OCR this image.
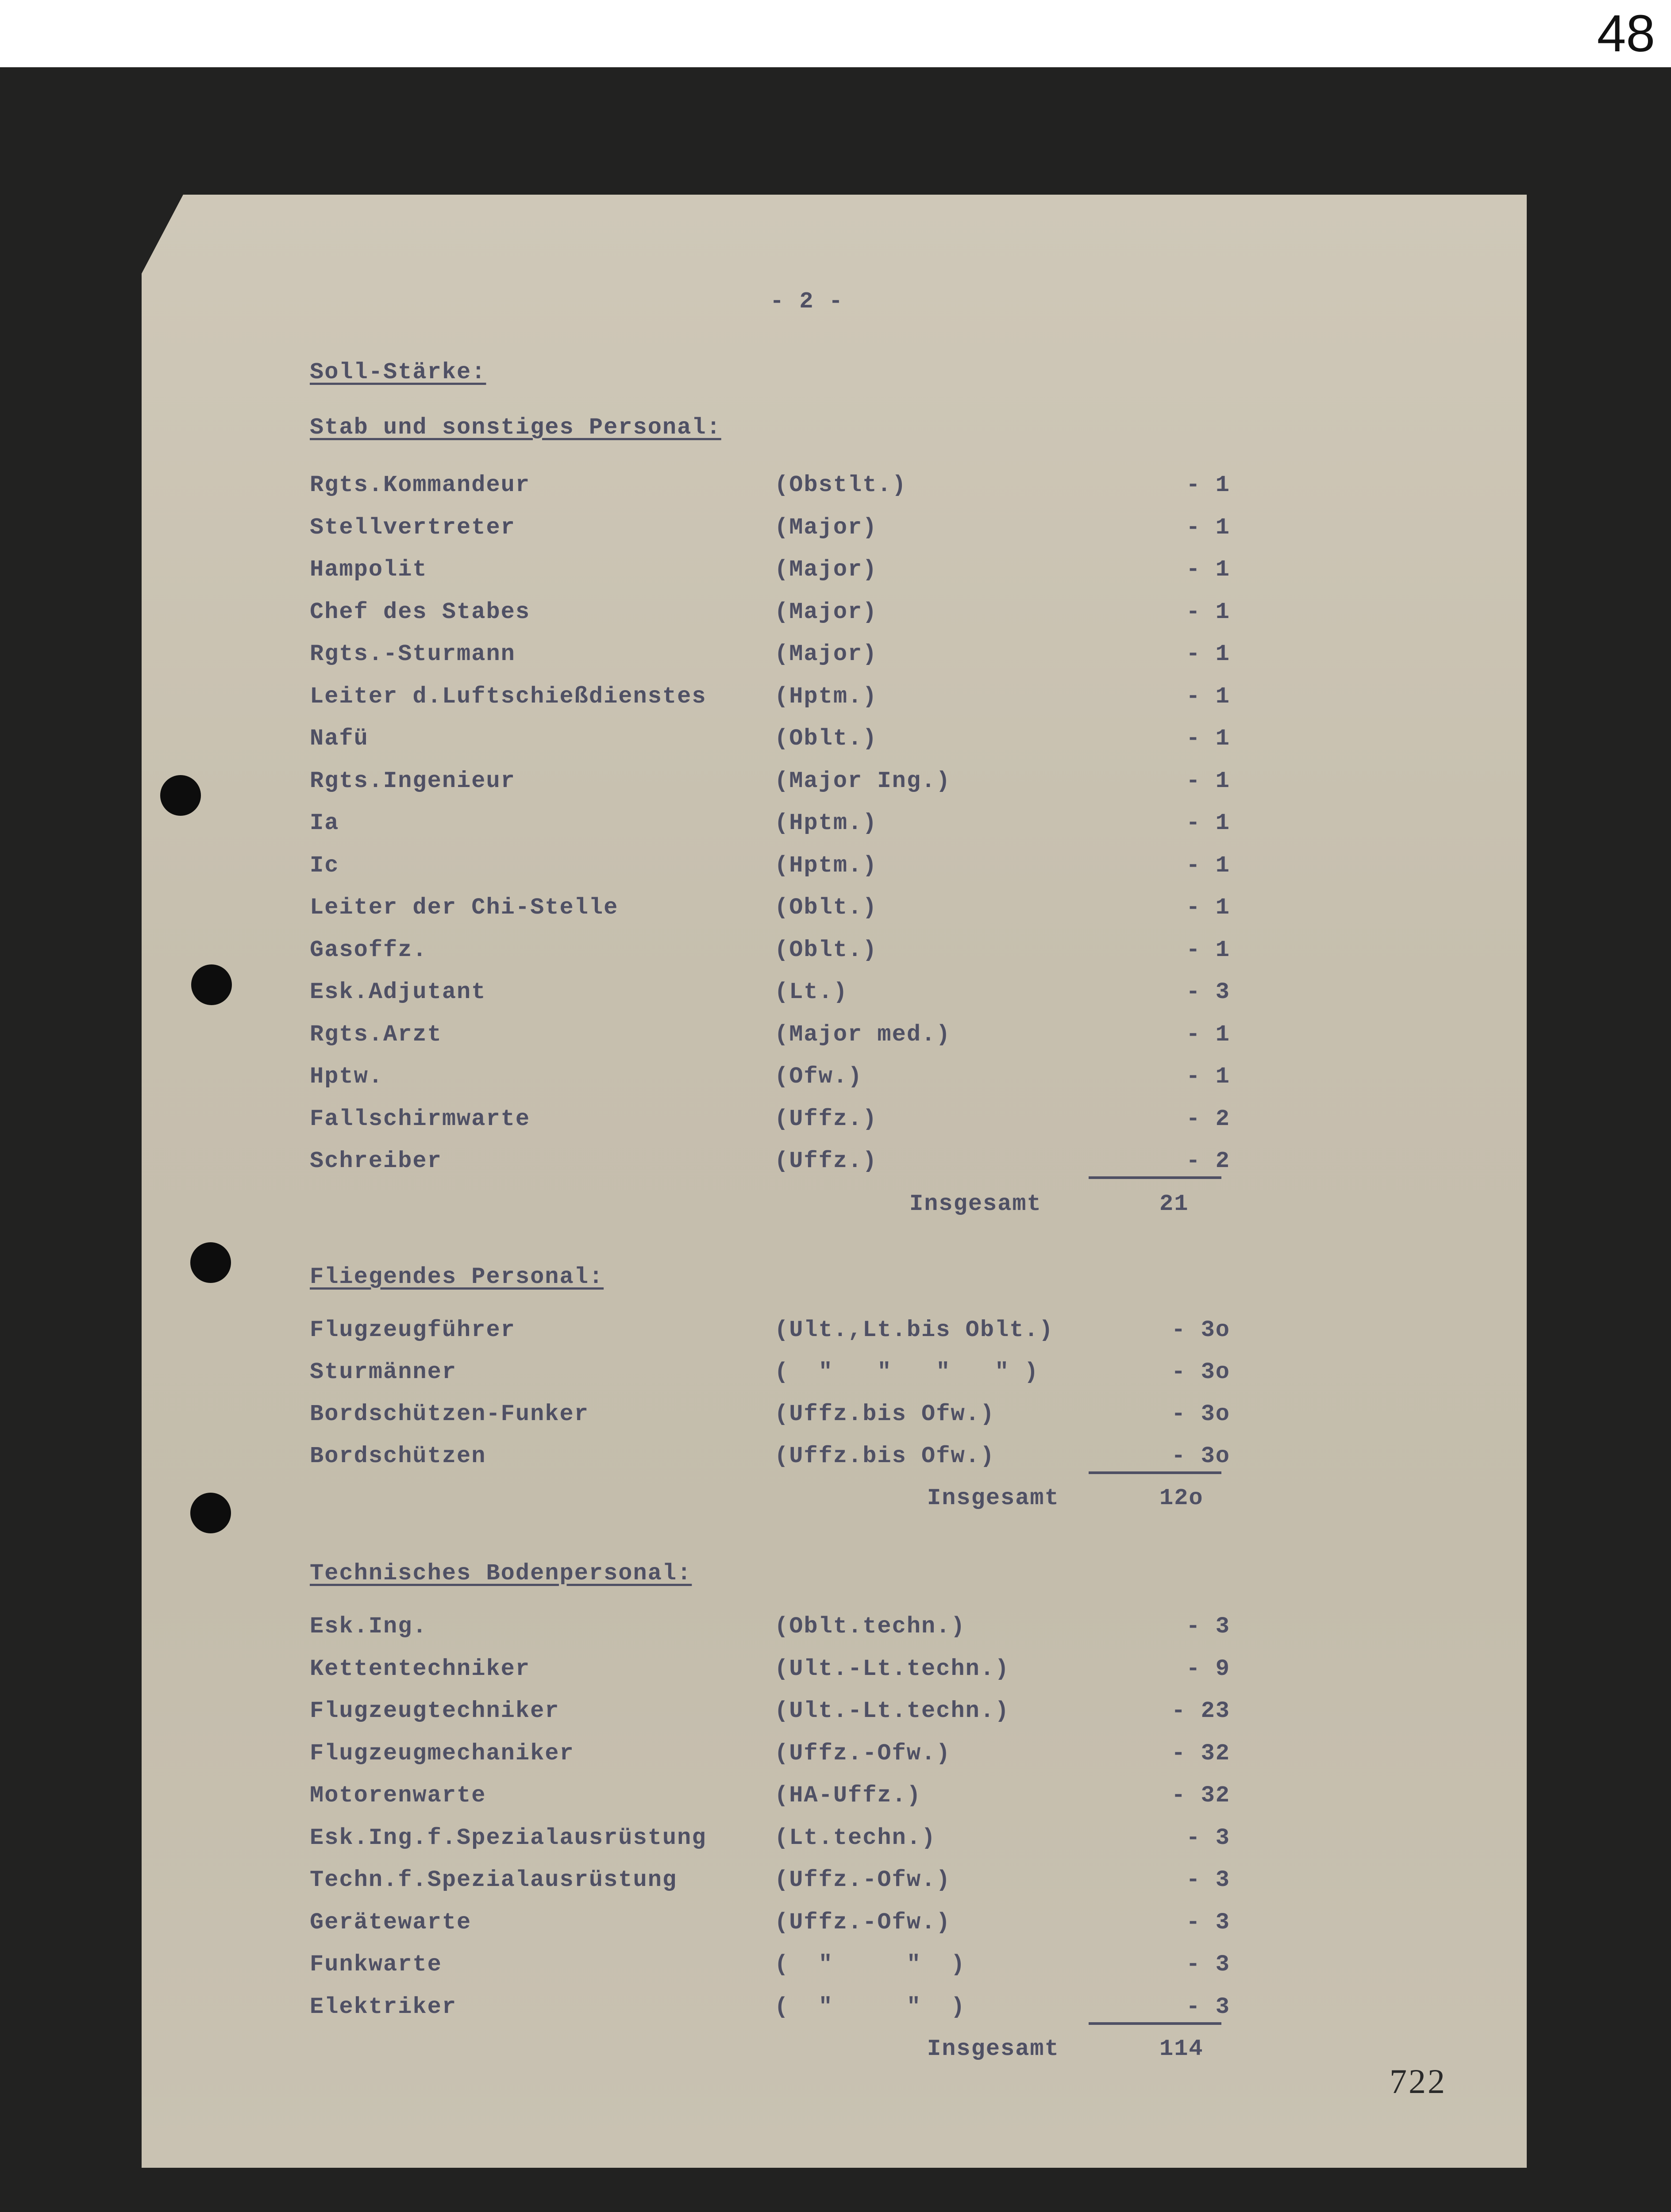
48
- 2 -
Soll-Stärke:
Stab und sonstiges Personal:
Rgts.Kommandeur	(Obstlt.)	- 1
Stellvertreter	(Major)	- 1
Hampolit	(Major)	- 1
Chef des Stabes	(Major)	- 1
Rgts.-Sturmann	(Major)	- 1
Leiter d.Luftschießdienstes	(Hptm.)	- 1
Nafü	(Oblt.)	- 1
Rgts.Ingenieur	(Major Ing.)	- 1
Ia	(Hptm.)	- 1
Ic	(Hptm.)	- 1
Leiter der Chi-Stelle	(Oblt.)	- 1
Gasoffz.	(Oblt.)	- 1
Esk.Adjutant	(Lt.)	- 3
Rgts.Arzt	(Major med.)	- 1
Hptw.	(Ofw.)	- 1
Fallschirmwarte	(Uffz.)	- 2
Schreiber	(Uffz.)	- 2
Insgesamt	21
Fliegendes Personal:
Flugzeugführer	(Ult.,Lt.bis Oblt.)	- 3o
Sturmänner	(  "   "   "   " )	- 3o
Bordschützen-Funker	(Uffz.bis Ofw.)	- 3o
Bordschützen	(Uffz.bis Ofw.)	- 3o
Insgesamt	12o
Technisches Bodenpersonal:
Esk.Ing.	(Oblt.techn.)	- 3
Kettentechniker	(Ult.-Lt.techn.)	- 9
Flugzeugtechniker	(Ult.-Lt.techn.)	- 23
Flugzeugmechaniker	(Uffz.-Ofw.)	- 32
Motorenwarte	(HA-Uffz.)	- 32
Esk.Ing.f.Spezialausrüstung	(Lt.techn.)	- 3
Techn.f.Spezialausrüstung	(Uffz.-Ofw.)	- 3
Gerätewarte	(Uffz.-Ofw.)	- 3
Funkwarte	(  "     "  )	- 3
Elektriker	(  "     "  )	- 3
Insgesamt	114
722
